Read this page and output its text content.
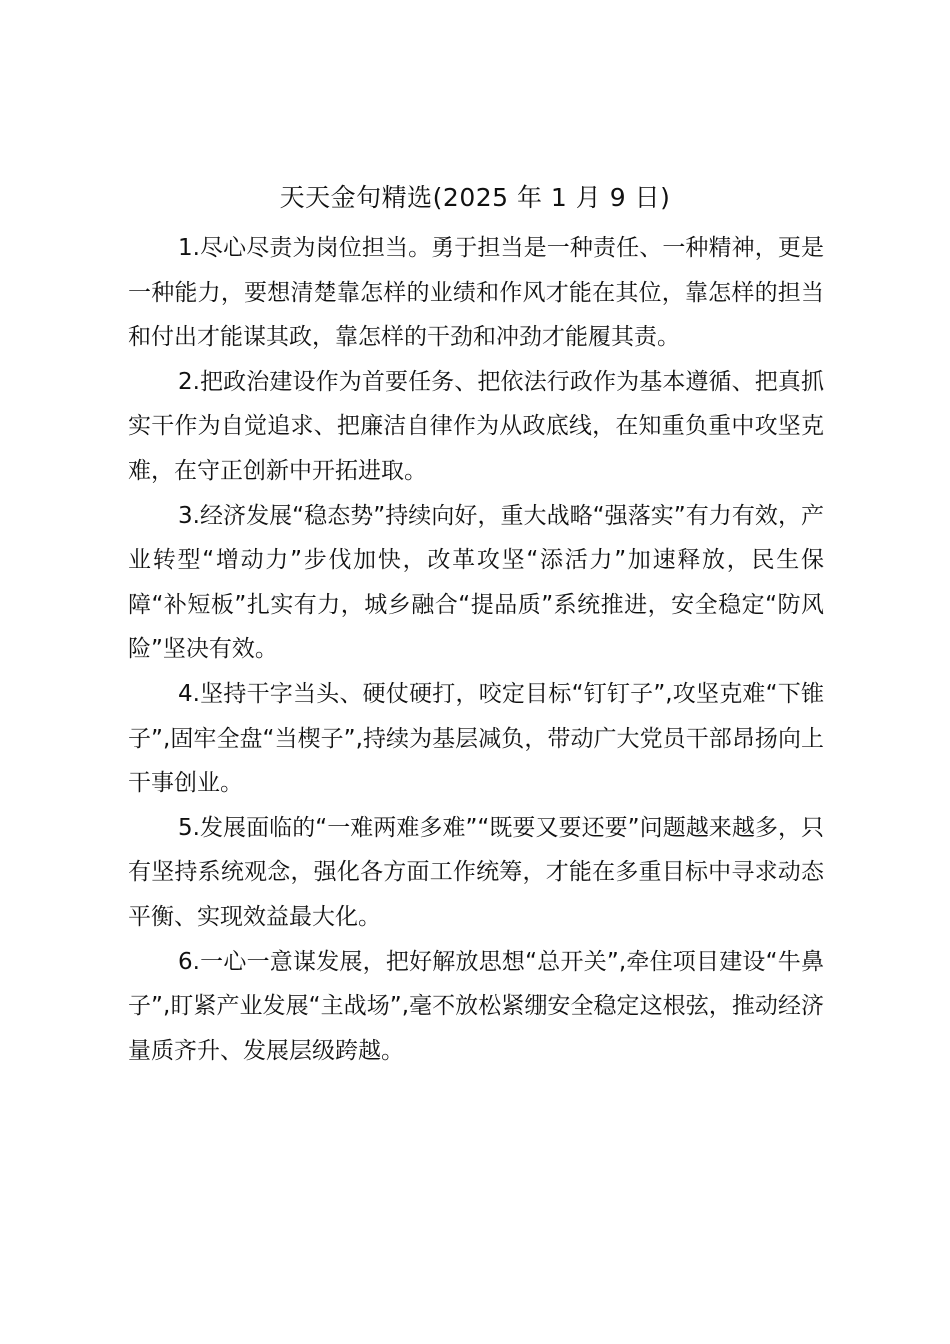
天天金句精选(2025 年 1 月 9 日)

1.尽心尽责为岗位担当。勇于担当是一种责任、一种精神，更是一种能力，要想清楚靠怎样的业绩和作风才能在其位，靠怎样的担当和付出才能谋其政，靠怎样的干劲和冲劲才能履其责。

2.把政治建设作为首要任务、把依法行政作为基本遵循、把真抓实干作为自觉追求、把廉洁自律作为从政底线，在知重负重中攻坚克难，在守正创新中开拓进取。

3.经济发展“稳态势”持续向好，重大战略“强落实”有力有效，产业转型“增动力”步伐加快，改革攻坚“添活力”加速释放，民生保障“补短板”扎实有力，城乡融合“提品质”系统推进，安全稳定“防风险”坚决有效。

4.坚持干字当头、硬仗硬打，咬定目标“钉钉子”,攻坚克难“下锥子”,固牢全盘“当楔子”,持续为基层减负，带动广大党员干部昂扬向上干事创业。

5.发展面临的“一难两难多难”“既要又要还要”问题越来越多，只有坚持系统观念，强化各方面工作统筹，才能在多重目标中寻求动态平衡、实现效益最大化。

6.一心一意谋发展，把好解放思想“总开关”,牵住项目建设“牛鼻子”,盯紧产业发展“主战场”,毫不放松紧绷安全稳定这根弦，推动经济量质齐升、发展层级跨越。
